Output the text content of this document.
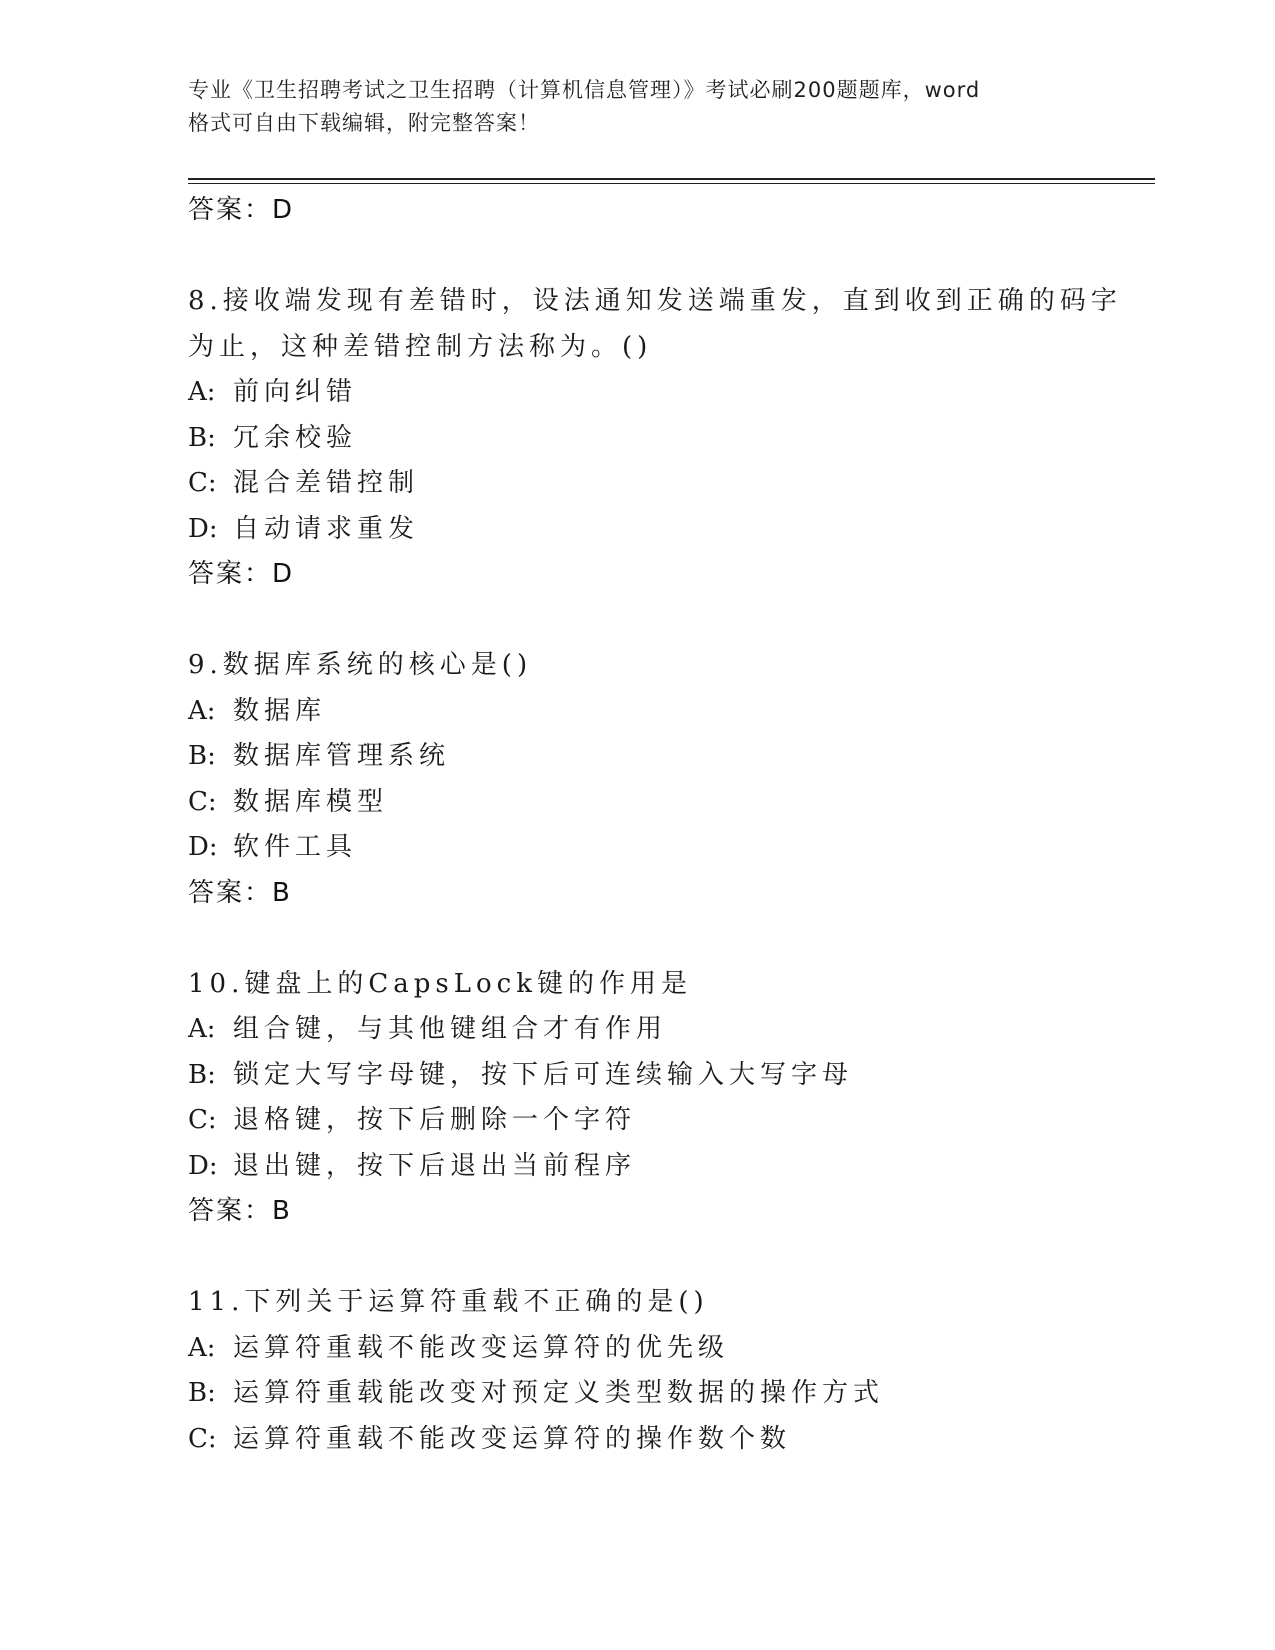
专业《卫生招聘考试之卫生招聘（计算机信息管理）》考试必刷200题题库，word
格式可自由下载编辑，附完整答案！
答案：D
8.接收端发现有差错时，设法通知发送端重发，直到收到正确的码字
为止，这种差错控制方法称为。()
A: 前向纠错
B: 冗余校验
C: 混合差错控制
D: 自动请求重发
答案：D
9.数据库系统的核心是()
A: 数据库
B: 数据库管理系统
C: 数据库模型
D: 软件工具
答案：B
10.键盘上的CapsLock键的作用是
A: 组合键，与其他键组合才有作用
B: 锁定大写字母键，按下后可连续输入大写字母
C: 退格键，按下后删除一个字符
D: 退出键，按下后退出当前程序
答案：B
11.下列关于运算符重载不正确的是()
A: 运算符重载不能改变运算符的优先级
B: 运算符重载能改变对预定义类型数据的操作方式
C: 运算符重载不能改变运算符的操作数个数
